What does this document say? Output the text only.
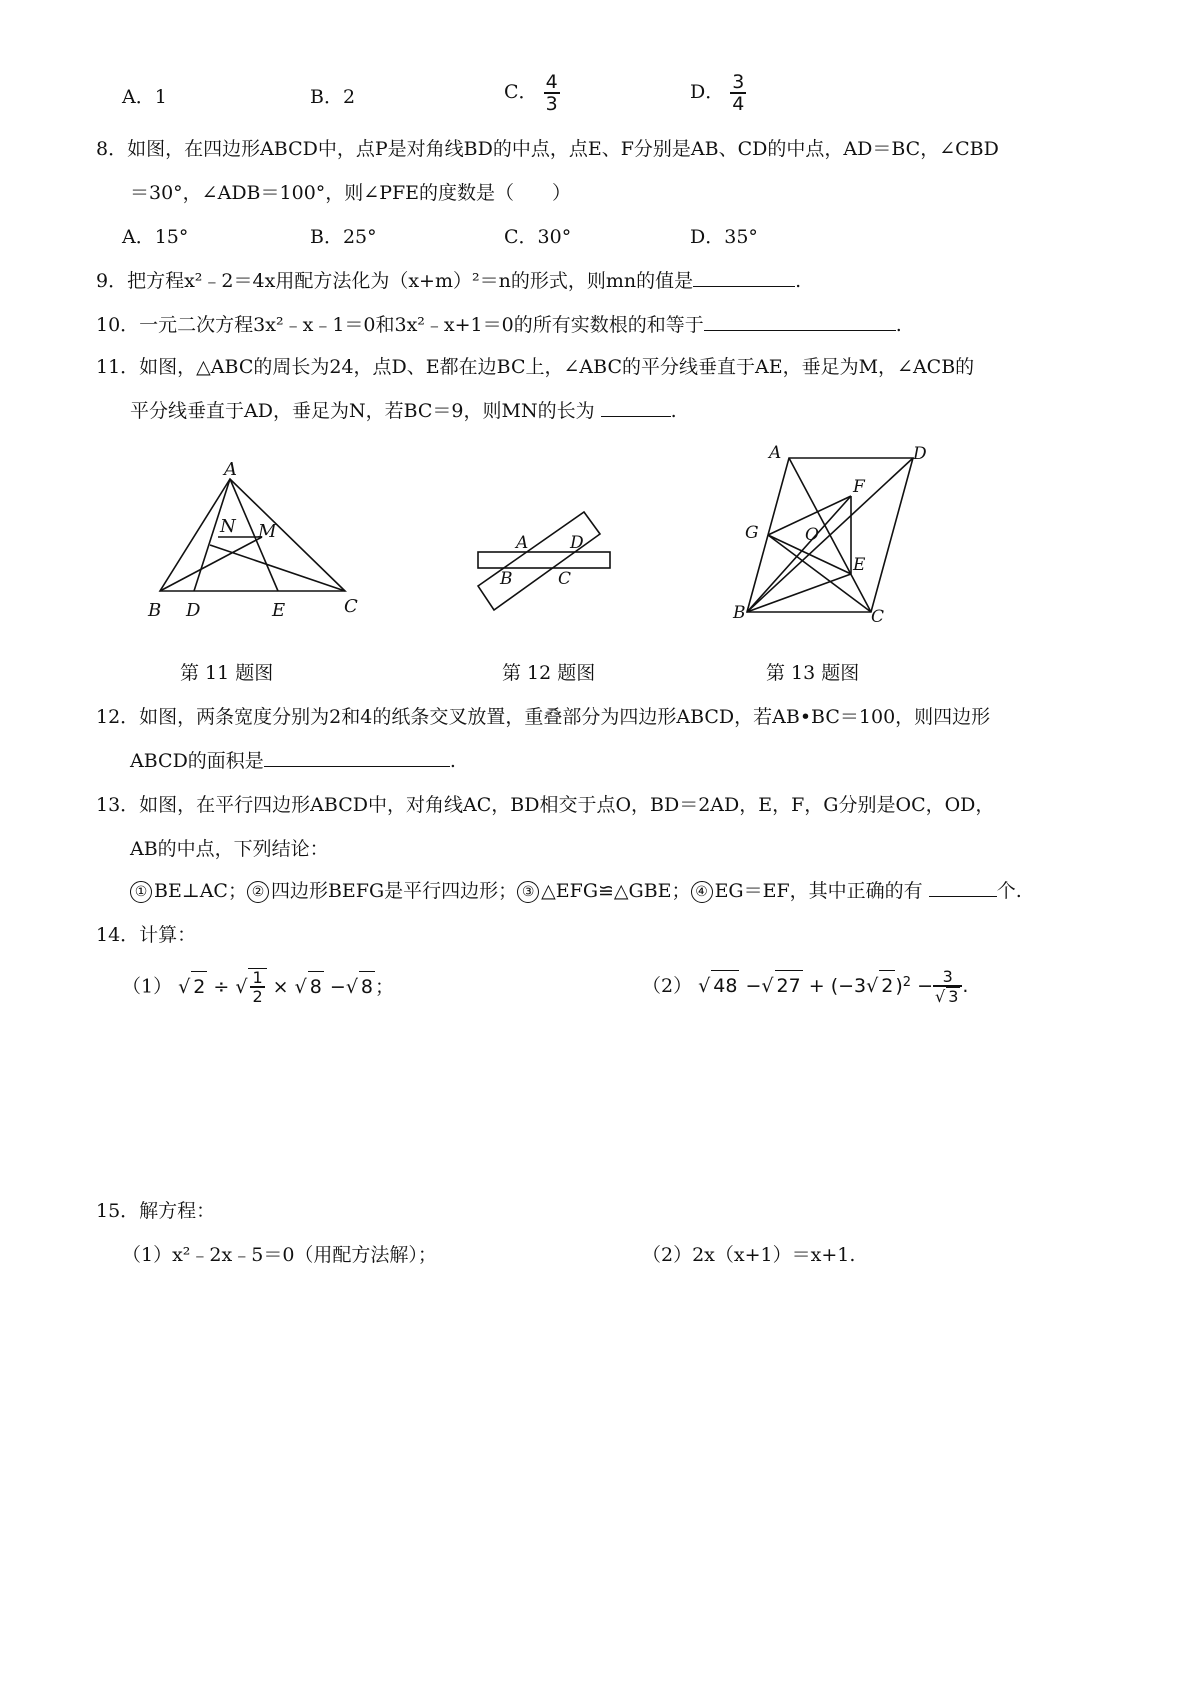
A．1	B．2	C． $\frac{4}{3}$	D． $\frac{3}{4}$
8．如图，在四边形ABCD中，点P是对角线BD的中点，点E、F分别是AB、CD的中点，AD＝BC，∠CBD
＝30°，∠ADB＝100°，则∠PFE的度数是（　　）
A．15°	B．25°	C．30°	D．35°
9．把方程x²﹣2＝4x用配方法化为（x+m）²＝n的形式，则mn的值是	.
10．一元二次方程3x²﹣x﹣1＝0和3x²﹣x+1＝0的所有实数根的和等于	.
11．如图，△ABC的周长为24，点D、E都在边BC上，∠ABC的平分线垂直于AE，垂足为M，∠ACB的
平分线垂直于AD，垂足为N，若BC＝9，则MN的长为	.
A
N M
B D	E	C
第 11 题图
A D
B	C
第 12 题图
A	D
F
G	O
E
B	C
第 13 题图
12．如图，两条宽度分别为2和4的纸条交叉放置，重叠部分为四边形ABCD，若AB•BC＝100，则四边形
ABCD的面积是	.
13．如图，在平行四边形ABCD中，对角线AC，BD相交于点O，BD＝2AD，E，F，G分别是OC，OD，
AB的中点，下列结论：
① BE⊥AC； ② 四边形BEFG是平行四边形； ③ △EFG≌△GBE； ④ EG＝EF，其中正确的有	个.
14．计算：
（1） √ 2 ÷ √ $\frac{1}{2}$ × √ 8 −√ 8 ；	（2） √ 48 −√ 27 + (−3√ 2 )$^2 - \frac{3}{√ 3}$ .
15．解方程：
（1）x²﹣2x﹣5＝0（用配方法解）；	（2）2x（x+1）＝x+1.
